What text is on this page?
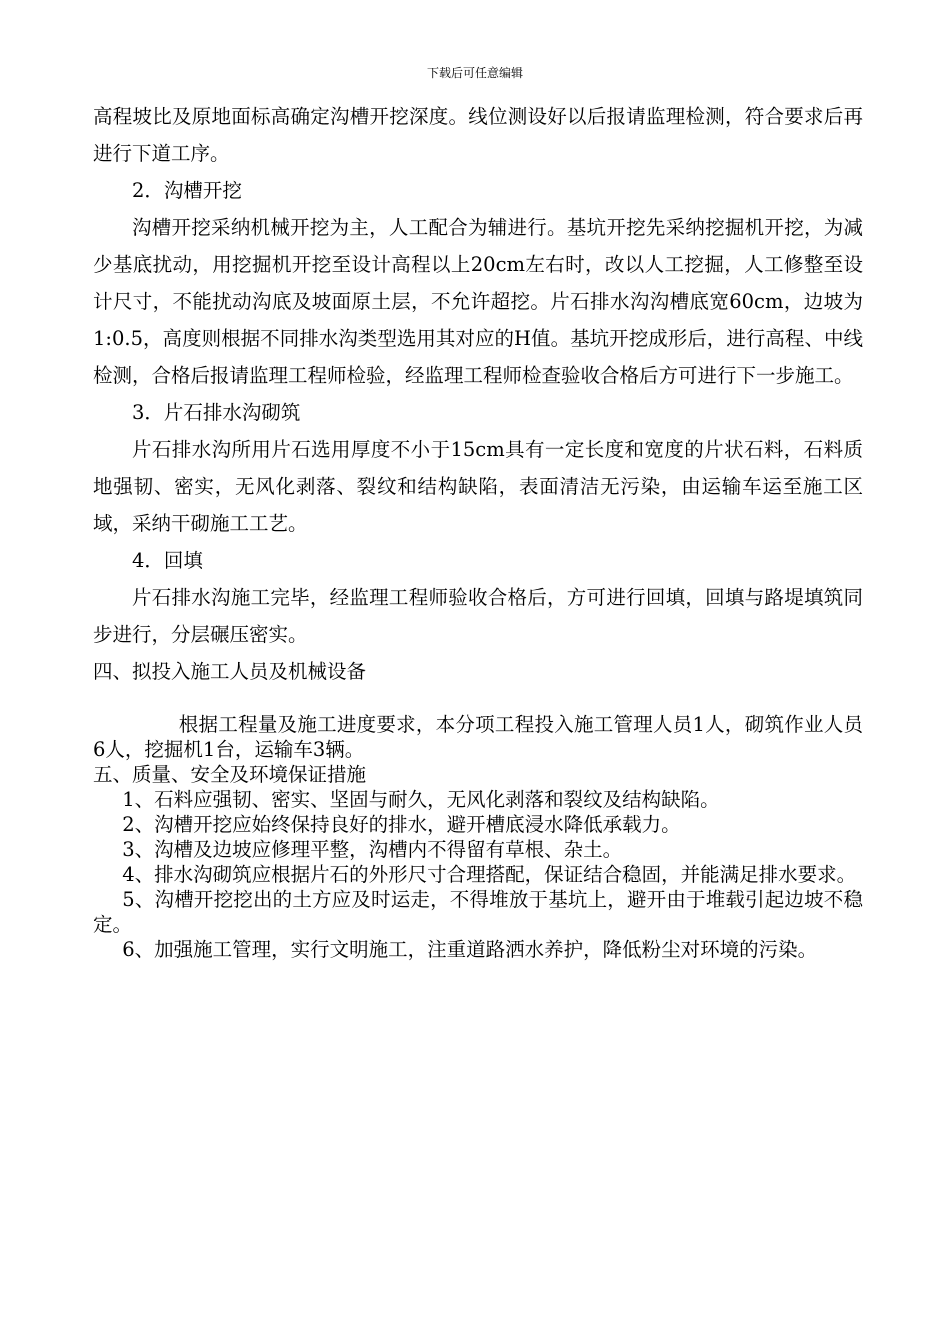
下载后可任意编辑

高程坡比及原地面标高确定沟槽开挖深度。线位测设好以后报请监理检测，符合要求后再进行下道工序。

2．沟槽开挖

沟槽开挖采纳机械开挖为主，人工配合为辅进行。基坑开挖先采纳挖掘机开挖，为减少基底扰动，用挖掘机开挖至设计高程以上20cm左右时，改以人工挖掘，人工修整至设计尺寸，不能扰动沟底及坡面原土层，不允许超挖。片石排水沟沟槽底宽60cm，边坡为1:0.5，高度则根据不同排水沟类型选用其对应的H值。基坑开挖成形后，进行高程、中线检测，合格后报请监理工程师检验，经监理工程师检查验收合格后方可进行下一步施工。

3．片石排水沟砌筑

片石排水沟所用片石选用厚度不小于15cm具有一定长度和宽度的片状石料，石料质地强韧、密实，无风化剥落、裂纹和结构缺陷，表面清洁无污染，由运输车运至施工区域，采纳干砌施工工艺。

4．回填

片石排水沟施工完毕，经监理工程师验收合格后，方可进行回填，回填与路堤填筑同步进行，分层碾压密实。

四、拟投入施工人员及机械设备

根据工程量及施工进度要求，本分项工程投入施工管理人员1人，砌筑作业人员6人，挖掘机1台，运输车3辆。

五、质量、安全及环境保证措施

1、石料应强韧、密实、坚固与耐久，无风化剥落和裂纹及结构缺陷。

2、沟槽开挖应始终保持良好的排水，避开槽底浸水降低承载力。

3、沟槽及边坡应修理平整，沟槽内不得留有草根、杂土。

4、排水沟砌筑应根据片石的外形尺寸合理搭配，保证结合稳固，并能满足排水要求。

5、沟槽开挖挖出的土方应及时运走，不得堆放于基坑上，避开由于堆载引起边坡不稳定。

6、加强施工管理，实行文明施工，注重道路洒水养护，降低粉尘对环境的污染。
